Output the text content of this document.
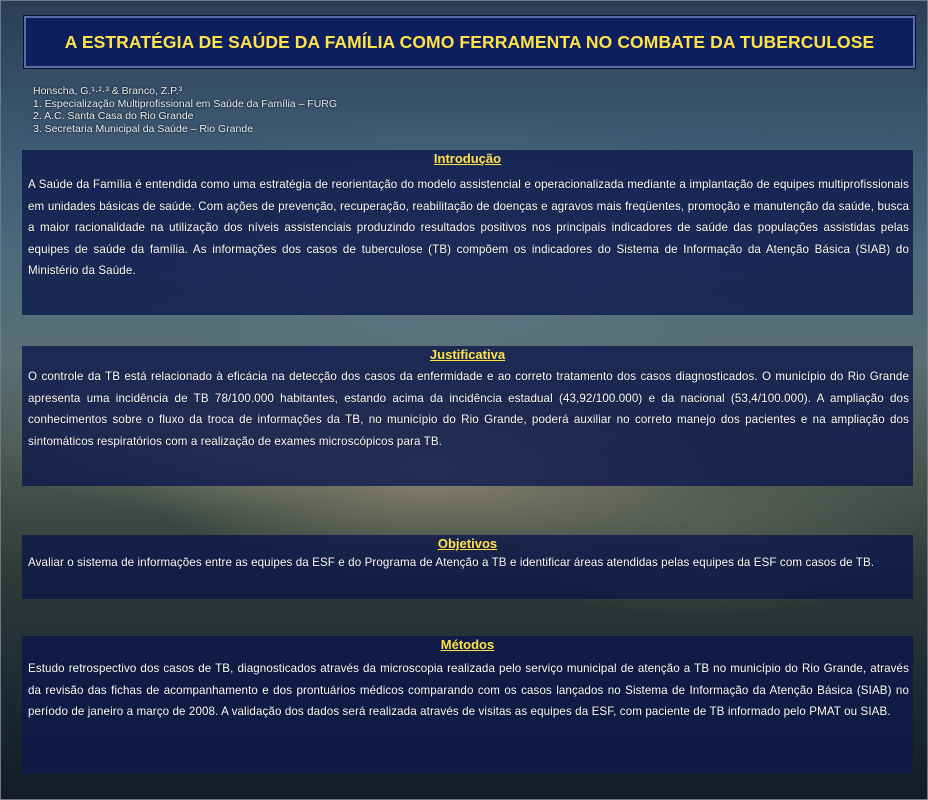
A ESTRATÉGIA DE SAÚDE DA FAMÍLIA COMO FERRAMENTA NO COMBATE DA TUBERCULOSE
Honscha, G.¹·²·³ & Branco, Z.P.³
1. Especialização Multiprofissional em Saúde da Família – FURG
2. A.C. Santa Casa do Rio Grande
3. Secretaria Municipal da Saúde – Rio Grande
Introdução
A Saúde da Família é entendida como uma estratégia de reorientação do modelo assistencial e operacionalizada mediante a implantação de equipes multiprofissionais em unidades básicas de saúde. Com ações de prevenção, recuperação, reabilitação de doenças e agravos mais freqüentes, promoção e manutenção da saúde, busca a maior racionalidade na utilização dos níveis assistenciais produzindo resultados positivos nos principais indicadores de saúde das populações assistidas pelas equipes de saúde da família. As informações dos casos de tuberculose (TB) compõem os indicadores do Sistema de Informação da Atenção Básica (SIAB) do Ministério da Saúde.
Justificativa
O controle da TB está relacionado à eficácia na detecção dos casos da enfermidade e ao correto tratamento dos casos diagnosticados. O município do Rio Grande apresenta uma incidência de TB 78/100.000 habitantes, estando acima da incidência estadual (43,92/100.000) e da nacional (53,4/100.000). A ampliação dos conhecimentos sobre o fluxo da troca de informações da TB, no município do Rio Grande, poderá auxiliar no correto manejo dos pacientes e na ampliação dos sintomáticos respiratórios com a realização de exames microscópicos para TB.
Objetivos
Avaliar o sistema de informações entre as equipes da ESF e do Programa de Atenção a TB e identificar áreas atendidas pelas equipes da ESF com casos de TB.
Métodos
Estudo retrospectivo dos casos de TB, diagnosticados através da microscopia realizada pelo serviço municipal de atenção a TB no município do Rio Grande, através da revisão das fichas de acompanhamento e dos prontuários médicos comparando com os casos lançados no Sistema de Informação da Atenção Básica (SIAB) no período de janeiro a março de 2008. A validação dos dados será realizada através de visitas as equipes da ESF, com paciente de TB informado pelo PMAT ou SIAB.
